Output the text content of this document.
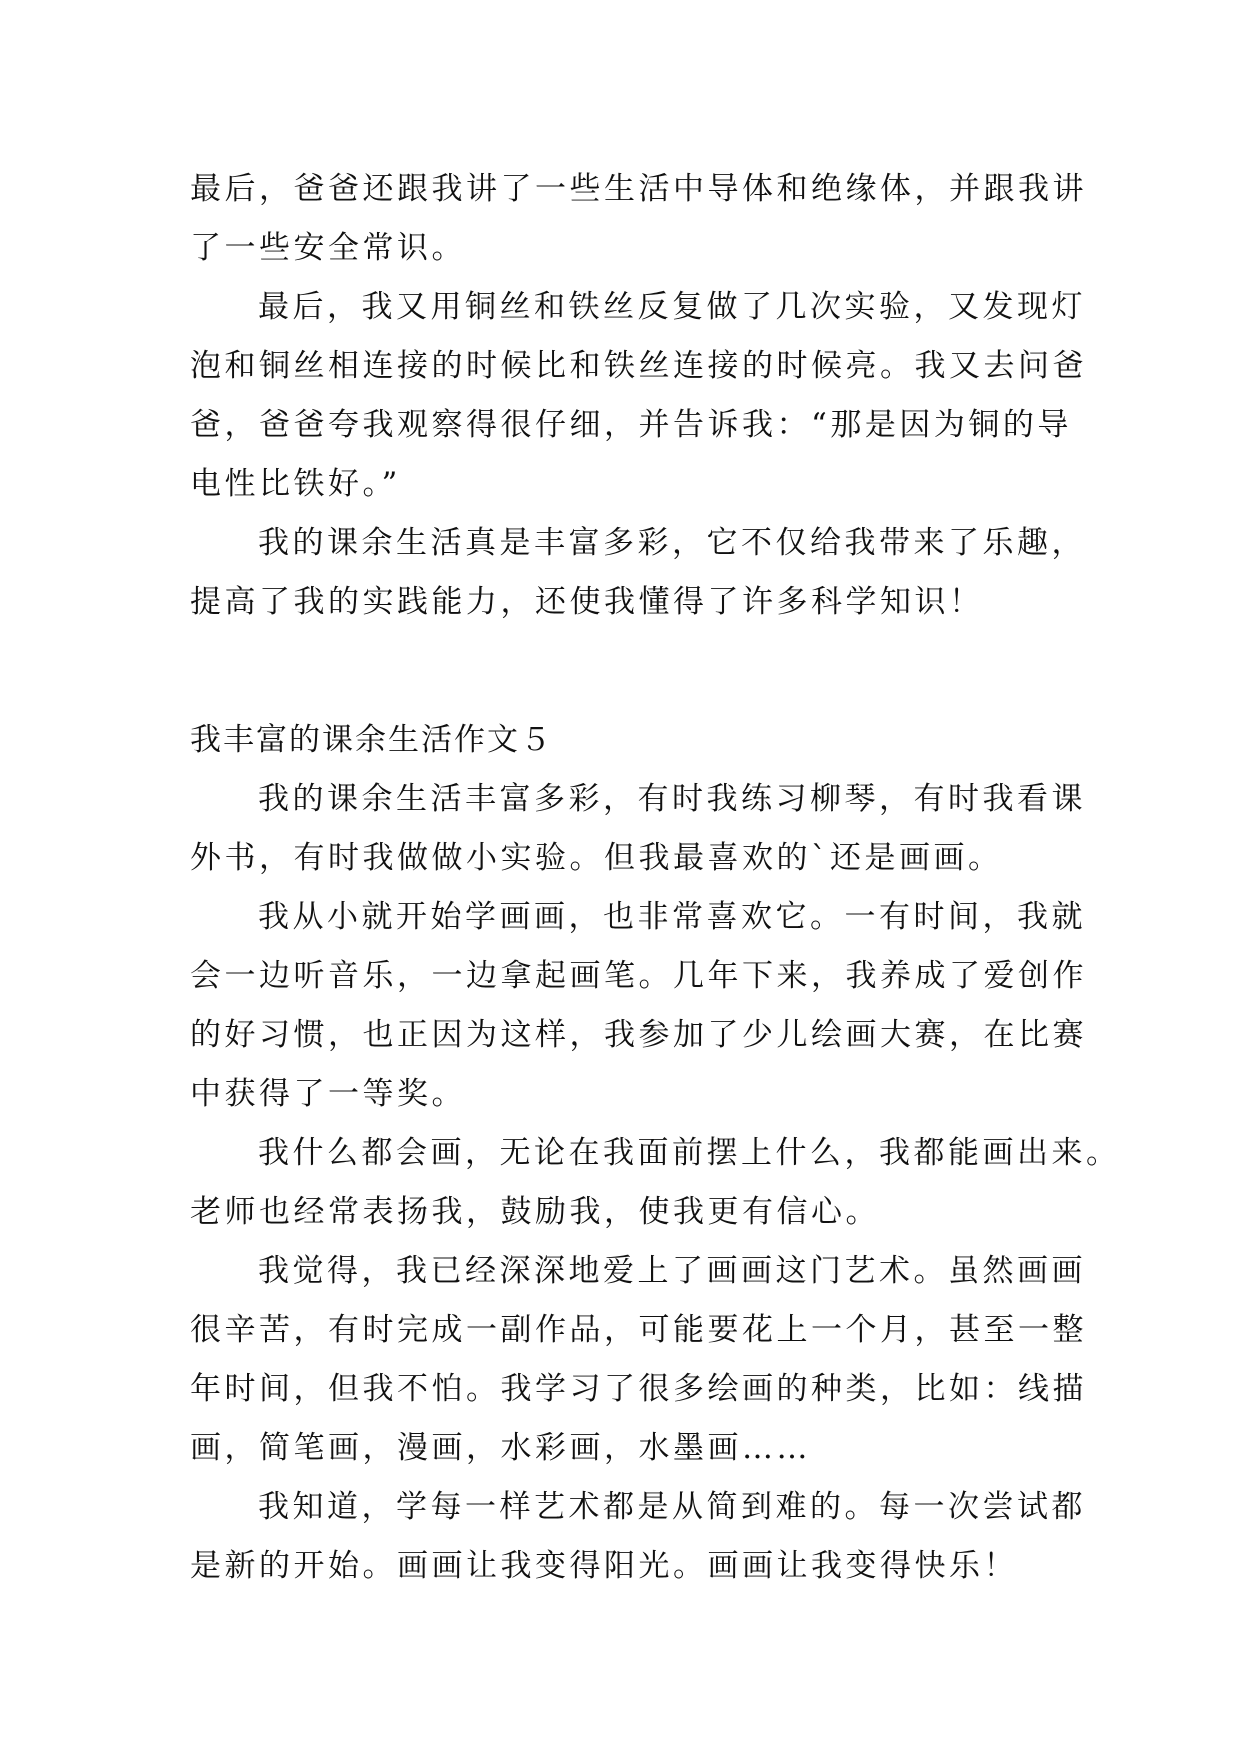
最后，爸爸还跟我讲了一些生活中导体和绝缘体，并跟我讲
了一些安全常识。
最后，我又用铜丝和铁丝反复做了几次实验，又发现灯
泡和铜丝相连接的时候比和铁丝连接的时候亮。我又去问爸
爸，爸爸夸我观察得很仔细，并告诉我：“那是因为铜的导
电性比铁好。”
我的课余生活真是丰富多彩，它不仅给我带来了乐趣，
提高了我的实践能力，还使我懂得了许多科学知识！
我丰富的课余生活作文５
我的课余生活丰富多彩，有时我练习柳琴，有时我看课
外书，有时我做做小实验。但我最喜欢的`还是画画。
我从小就开始学画画，也非常喜欢它。一有时间，我就
会一边听音乐，一边拿起画笔。几年下来，我养成了爱创作
的好习惯，也正因为这样，我参加了少儿绘画大赛，在比赛
中获得了一等奖。
我什么都会画，无论在我面前摆上什么，我都能画出来。
老师也经常表扬我，鼓励我，使我更有信心。
我觉得，我已经深深地爱上了画画这门艺术。虽然画画
很辛苦，有时完成一副作品，可能要花上一个月，甚至一整
年时间，但我不怕。我学习了很多绘画的种类，比如：线描
画，简笔画，漫画，水彩画，水墨画……
我知道，学每一样艺术都是从简到难的。每一次尝试都
是新的开始。画画让我变得阳光。画画让我变得快乐！
